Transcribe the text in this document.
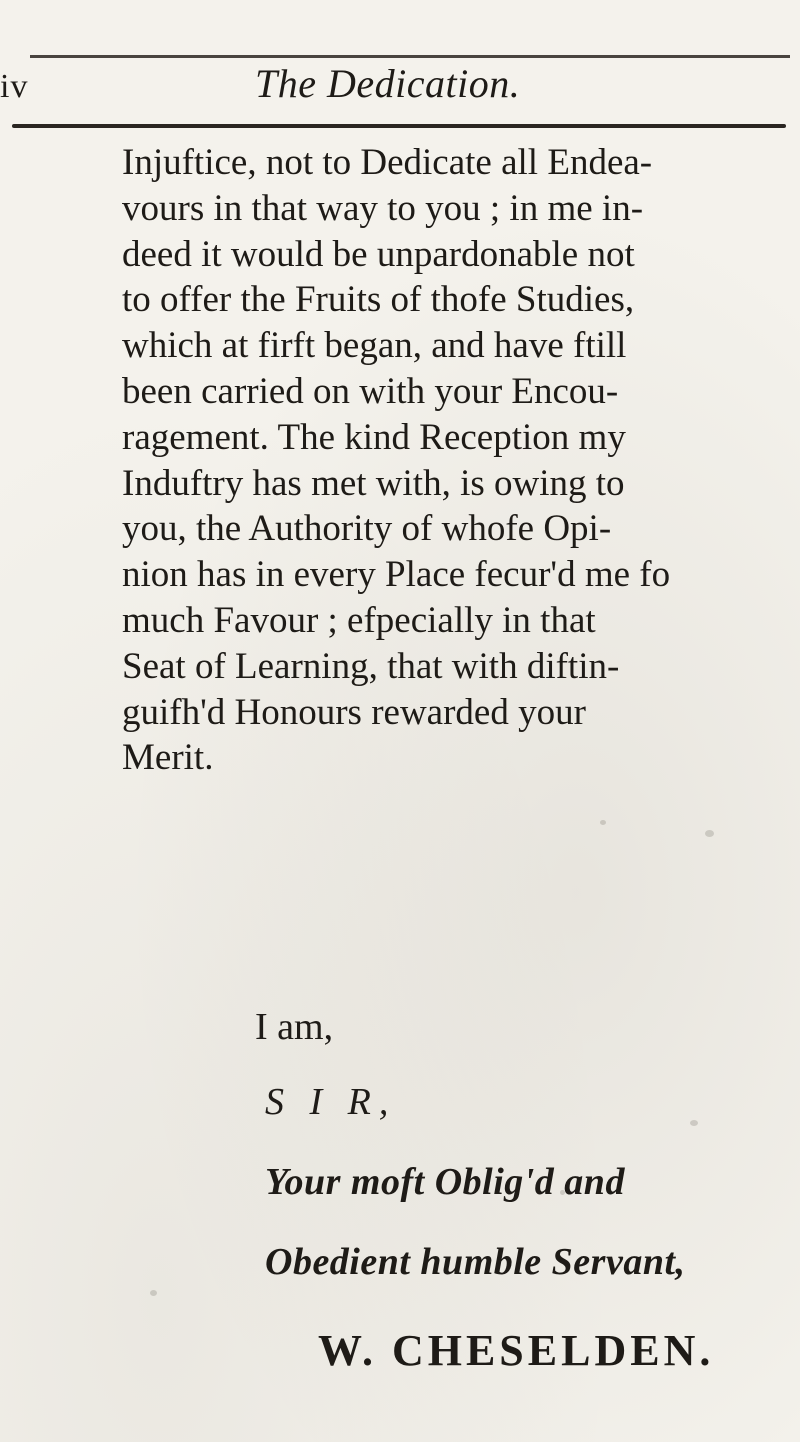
iv	The Dedication.
Injuftice, not to Dedicate all Endea-
vours in that way to you ; in me in-
deed it would be unpardonable not
to offer the Fruits of thofe Studies,
which at firft began, and have ftill
been carried on with your Encou-
ragement. The kind Reception my
Induftry has met with, is owing to
you, the Authority of whofe Opi-
nion has in every Place fecur'd me fo
much Favour ; efpecially in that
Seat of Learning, that with diftin-
guifh'd Honours rewarded your
Merit.
I am,
S I R,
Your moft Oblig'd and
Obedient humble Servant,
W. CHESELDEN.
